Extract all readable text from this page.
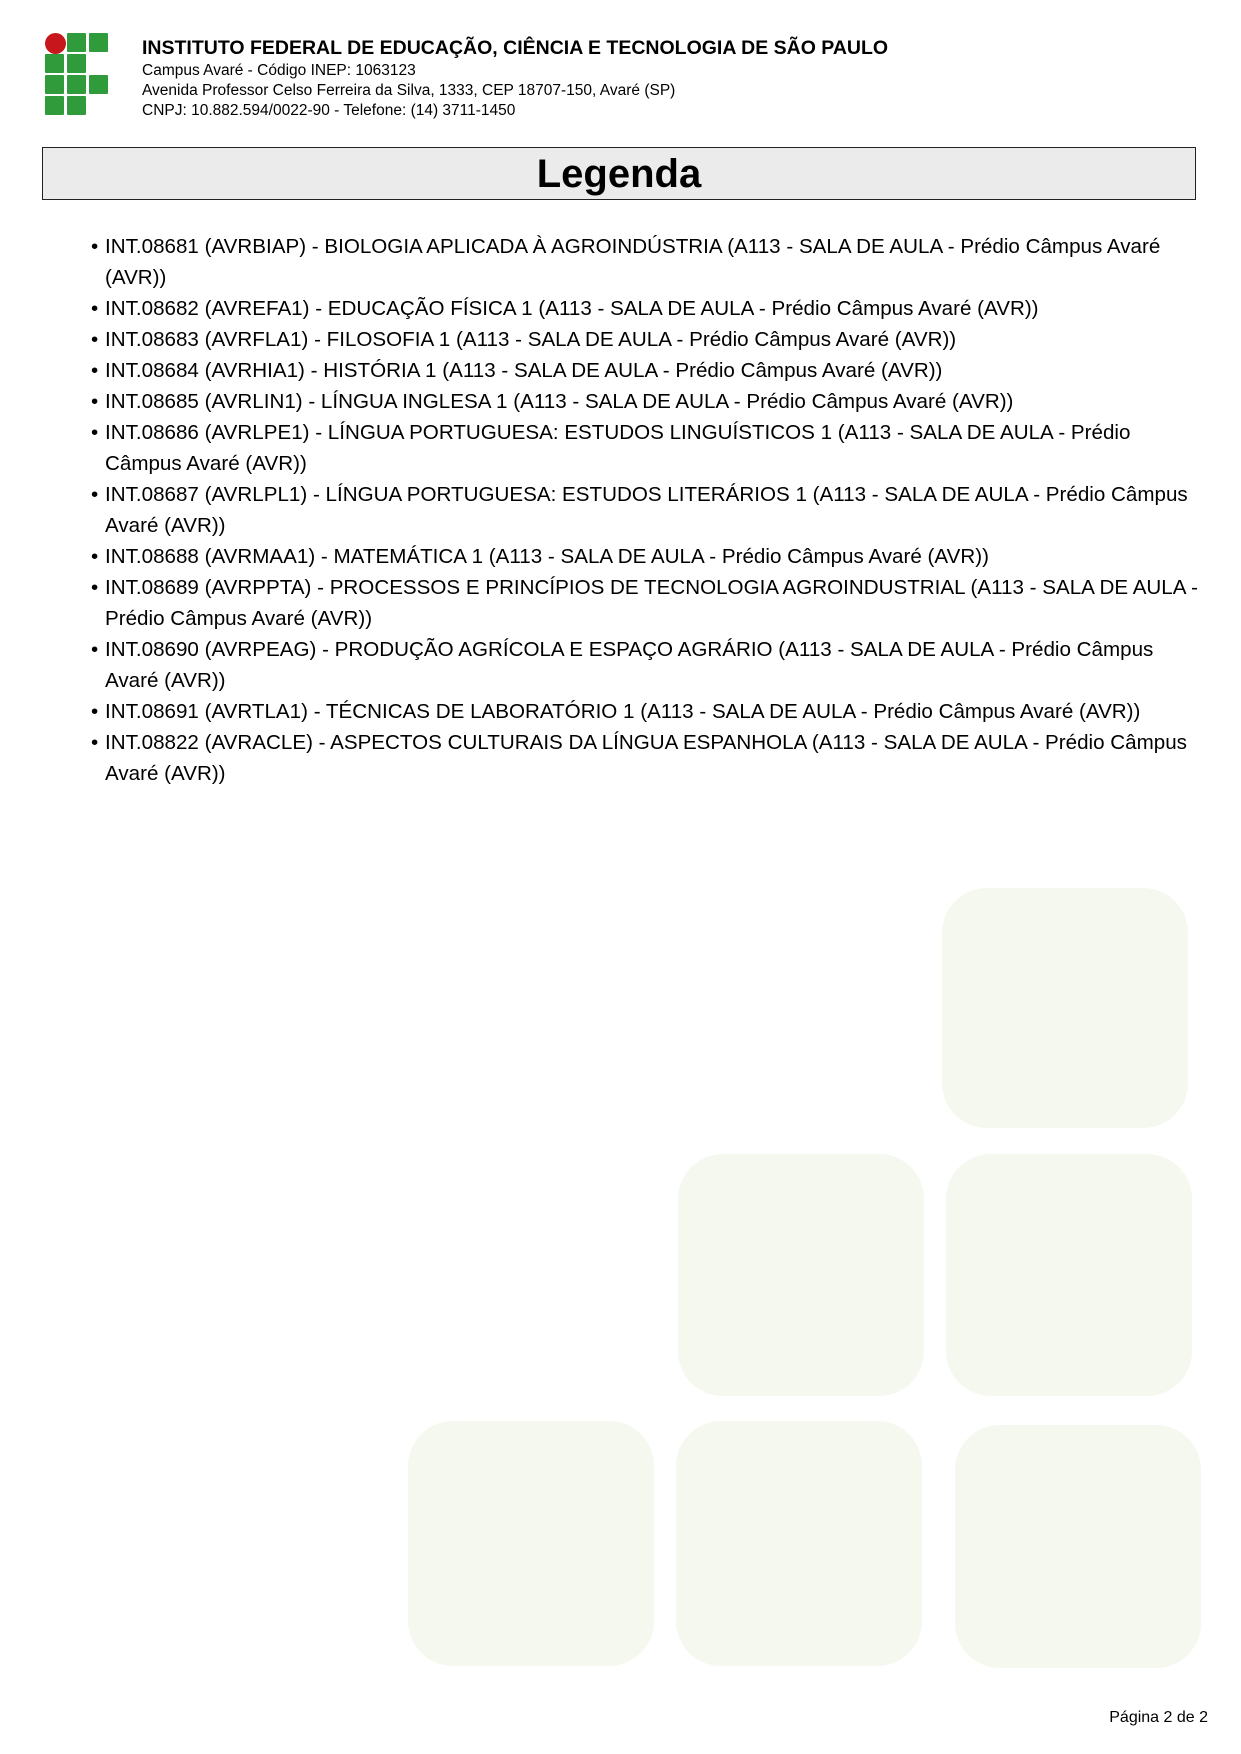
INSTITUTO FEDERAL DE EDUCAÇÃO, CIÊNCIA E TECNOLOGIA DE SÃO PAULO
Campus Avaré - Código INEP: 1063123
Avenida Professor Celso Ferreira da Silva, 1333, CEP 18707-150, Avaré (SP)
CNPJ: 10.882.594/0022-90 - Telefone: (14) 3711-1450
Legenda
• INT.08681 (AVRBIAP) - BIOLOGIA APLICADA À AGROINDÚSTRIA (A113 - SALA DE AULA - Prédio Câmpus Avaré (AVR))
• INT.08682 (AVREFA1) - EDUCAÇÃO FÍSICA 1 (A113 - SALA DE AULA - Prédio Câmpus Avaré (AVR))
• INT.08683 (AVRFLA1) - FILOSOFIA 1 (A113 - SALA DE AULA - Prédio Câmpus Avaré (AVR))
• INT.08684 (AVRHIA1) - HISTÓRIA 1 (A113 - SALA DE AULA - Prédio Câmpus Avaré (AVR))
• INT.08685 (AVRLIN1) - LÍNGUA INGLESA 1 (A113 - SALA DE AULA - Prédio Câmpus Avaré (AVR))
• INT.08686 (AVRLPE1) - LÍNGUA PORTUGUESA: ESTUDOS LINGUÍSTICOS 1 (A113 - SALA DE AULA - Prédio Câmpus Avaré (AVR))
• INT.08687 (AVRLPL1) - LÍNGUA PORTUGUESA: ESTUDOS LITERÁRIOS 1 (A113 - SALA DE AULA - Prédio Câmpus Avaré (AVR))
• INT.08688 (AVRMAA1) - MATEMÁTICA 1 (A113 - SALA DE AULA - Prédio Câmpus Avaré (AVR))
• INT.08689 (AVRPPTA) - PROCESSOS E PRINCÍPIOS DE TECNOLOGIA AGROINDUSTRIAL (A113 - SALA DE AULA - Prédio Câmpus Avaré (AVR))
• INT.08690 (AVRPEAG) - PRODUÇÃO AGRÍCOLA E ESPAÇO AGRÁRIO (A113 - SALA DE AULA - Prédio Câmpus Avaré (AVR))
• INT.08691 (AVRTLA1) - TÉCNICAS DE LABORATÓRIO 1 (A113 - SALA DE AULA - Prédio Câmpus Avaré (AVR))
• INT.08822 (AVRACLE) - ASPECTOS CULTURAIS DA LÍNGUA ESPANHOLA (A113 - SALA DE AULA - Prédio Câmpus Avaré (AVR))
Página 2 de 2
